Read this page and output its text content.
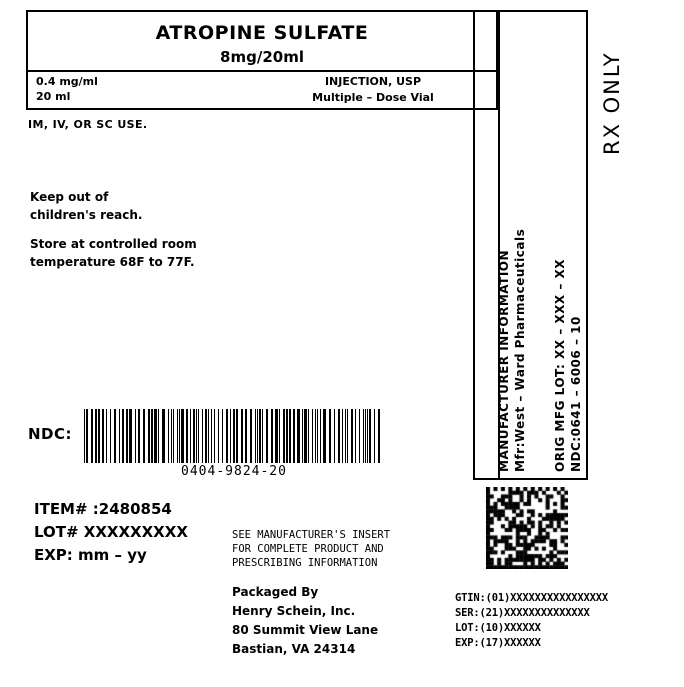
ATROPINE SULFATE
8mg/20ml
0.4 mg/ml
20 ml
INJECTION, USP
Multiple – Dose Vial
IM, IV, OR SC USE.
Keep out of
children's reach.
Store at controlled room
temperature 68F to 77F.
RX ONLY
MANUFACTURER INFORMATION Mfr:West – Ward Pharmaceuticals ORIG MFG LOT: XX – XXX – XX NDC:0641 – 6006 – 10
NDC:
0404-9824-20
ITEM# :2480854
LOT# XXXXXXXXX
EXP: mm – yy
SEE MANUFACTURER'S INSERT
FOR COMPLETE PRODUCT AND
PRESCRIBING INFORMATION
Packaged By
Henry Schein, Inc.
80 Summit View Lane
Bastian, VA 24314
GTIN:(01)XXXXXXXXXXXXXXXX
SER:(21)XXXXXXXXXXXXXX
LOT:(10)XXXXXX
EXP:(17)XXXXXX
